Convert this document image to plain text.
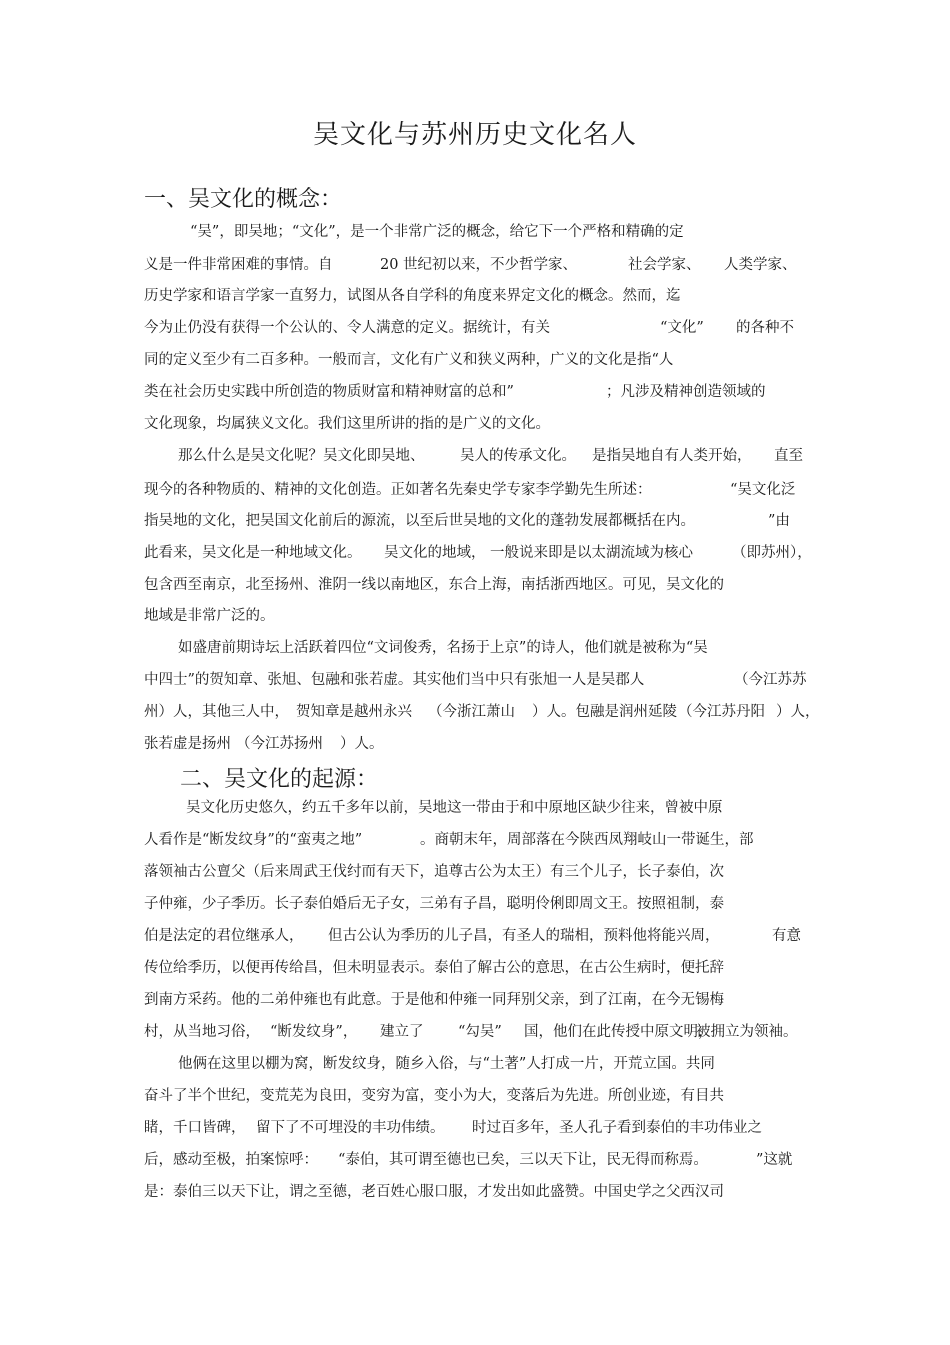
吴文化与苏州历史文化名人
一、吴文化的概念：
二、吴文化的起源：
“吴”，即吴地；“文化”，是一个非常广泛的概念，给它下一个严格和精确的定
义是一件非常困难的事情。自	20 世纪初以来，不少哲学家、	社会学家、 人类学家、
历史学家和语言学家一直努力，试图从各自学科的角度来界定文化的概念。然而，迄
今为止仍没有获得一个公认的、令人满意的定义。据统计，有关	“文化” 的各种不
同的定义至少有二百多种。一般而言，文化有广义和狭义两种，广义的文化是指“人
类在社会历史实践中所创造的物质财富和精神财富的总和”	；凡涉及精神创造领域的
文化现象，均属狭义文化。我们这里所讲的指的是广义的文化。
那么什么是吴文化呢？吴文化即吴地、 吴人的传承文化。 是指吴地自有人类开始， 直至
现今的各种物质的、精神的文化创造。正如著名先秦史学专家李学勤先生所述：	“吴文化泛
指吴地的文化，把吴国文化前后的源流，以至后世吴地的文化的蓬勃发展都概括在内。	”由
此看来，吴文化是一种地域文化。 吴文化的地域， 一般说来即是以太湖流域为核心	（即苏州），
包含西至南京，北至扬州、淮阴一线以南地区，东合上海，南括浙西地区。可见，吴文化的
地域是非常广泛的。
如盛唐前期诗坛上活跃着四位“文词俊秀，名扬于上京”的诗人，他们就是被称为“吴
中四士”的贺知章、张旭、包融和张若虚。其实他们当中只有张旭一人是吴郡人	（今江苏苏
州）人，其他三人中， 贺知章是越州永兴 （今浙江萧山 ）人。包融是润州延陵 （今江苏丹阳 ）人，
张若虚是扬州 （今江苏扬州 ）人。
吴文化历史悠久，约五千多年以前，吴地这一带由于和中原地区缺少往来，曾被中原
人看作是“断发纹身”的“蛮夷之地”	。商朝末年，周部落在今陕西凤翔岐山一带诞生，部
落领袖古公亶父（后来周武王伐纣而有天下，追尊古公为太王）有三个儿子，长子泰伯，次
子仲雍，少子季历。长子泰伯婚后无子女，三弟有子昌，聪明伶俐即周文王。按照祖制，泰
伯是法定的君位继承人， 但古公认为季历的儿子昌，有圣人的瑞相，预料他将能兴周，	有意
传位给季历，以便再传给昌，但未明显表示。泰伯了解古公的意思，在古公生病时，便托辞
到南方采药。他的二弟仲雍也有此意。于是他和仲雍一同拜别父亲，到了江南，在今无锡梅
村，从当地习俗， “断发纹身”， 建立了 “勾吴” 国，他们在此传授中原文明，
被拥立为领袖。
他俩在这里以棚为窝，断发纹身，随乡入俗，与“土著”人打成一片，开荒立国。共同
奋斗了半个世纪，变荒芜为良田，变穷为富，变小为大，变落后为先进。所创业迹，有目共
睹，千口皆碑， 留下了不可埋没的丰功伟绩。 时过百多年，圣人孔子看到泰伯的丰功伟业之
后，感动至极，拍案惊呼： “泰伯，其可谓至德也已矣，三以天下让，民无得而称焉。	”这就
是：泰伯三以天下让，谓之至德，老百姓心服口服，才发出如此盛赞。中国史学之父西汉司
